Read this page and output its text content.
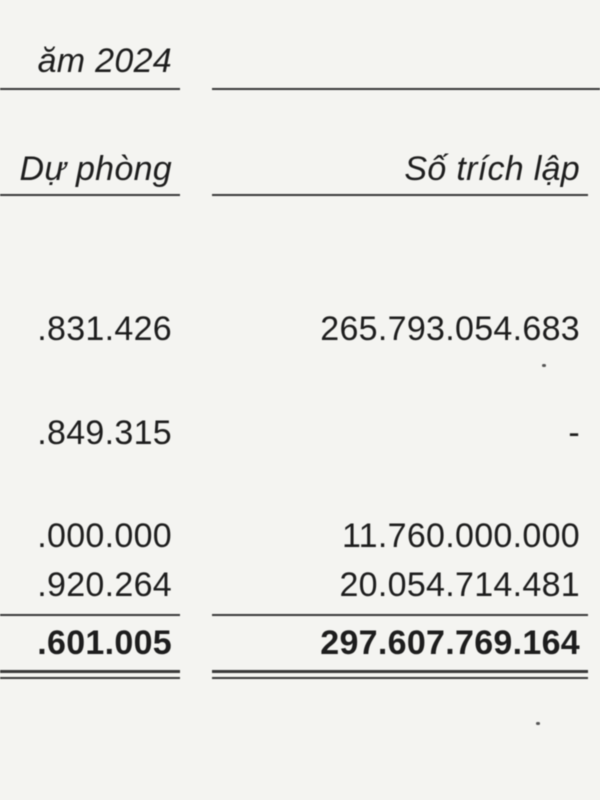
ăm 2024
Dự phòng	Số trích lập
.831.426	265.793.054.683
.849.315	-
.000.000	11.760.000.000
.920.264	20.054.714.481
.601.005	297.607.769.164
